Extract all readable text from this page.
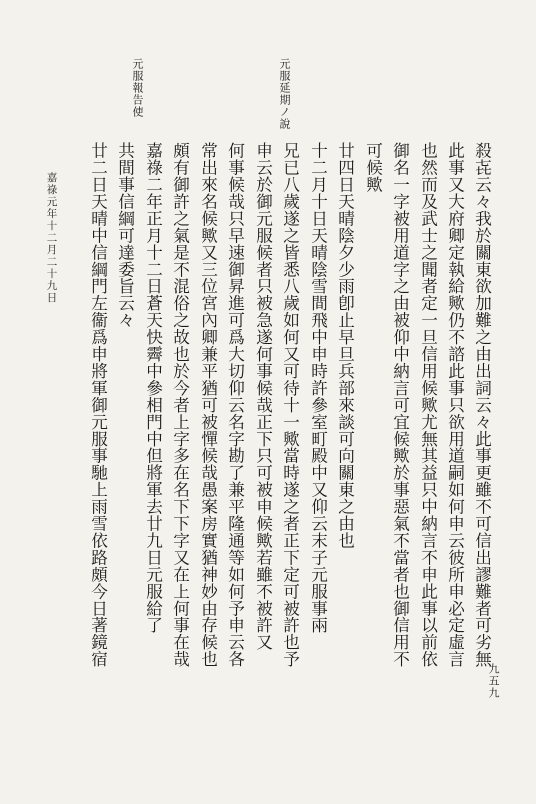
元服延期ノ說
元服報告使
殺㐂云々我於關東欲加難之由出詞云々此事更雖不可信出謬難者可劣無
此事又大府卿定執給歟仍不諮此事只欲用道嗣如何申云彼所申必定虛言
也然而及武士之聞者定一旦信用候歟尤無其益只中納言不申此事以前依
御名一字被用道字之由被仰中納言可宜候歟於事惡氣不當者也御信用不
可候歟
廿四日天晴陰夕少雨卽止早旦兵部來談可向關東之由也
十二月十日天晴陰雪間飛中申時許參室町殿中又仰云末子元服事兩
兄已八歲遂之皆悉八歲如何又可待十一歟當時遂之者正下定可被許也予
申云於御元服候者只被急遂何事候哉正下只可被申候歟若雖不被許又
何事候哉只早速御昇進可爲大切仰云名字勘了兼平隆通等如何予申云各
常出來名候歟又三位宮內卿兼平猶可被憚候哉愚案房實猶神妙由存候也
頗有御許之氣是不混俗之故也於今者上字多在名下下字又在上何事在哉
嘉祿二年正月十二日蒼天快霽中參相門中但將軍去廿九日元服給了
共間事信綱可達委旨云々
廿二日天晴中信綱門左衞爲申將軍御元服事馳上雨雪依路頗今日著鏡宿
嘉祿元年十二月二十九日
九五九
